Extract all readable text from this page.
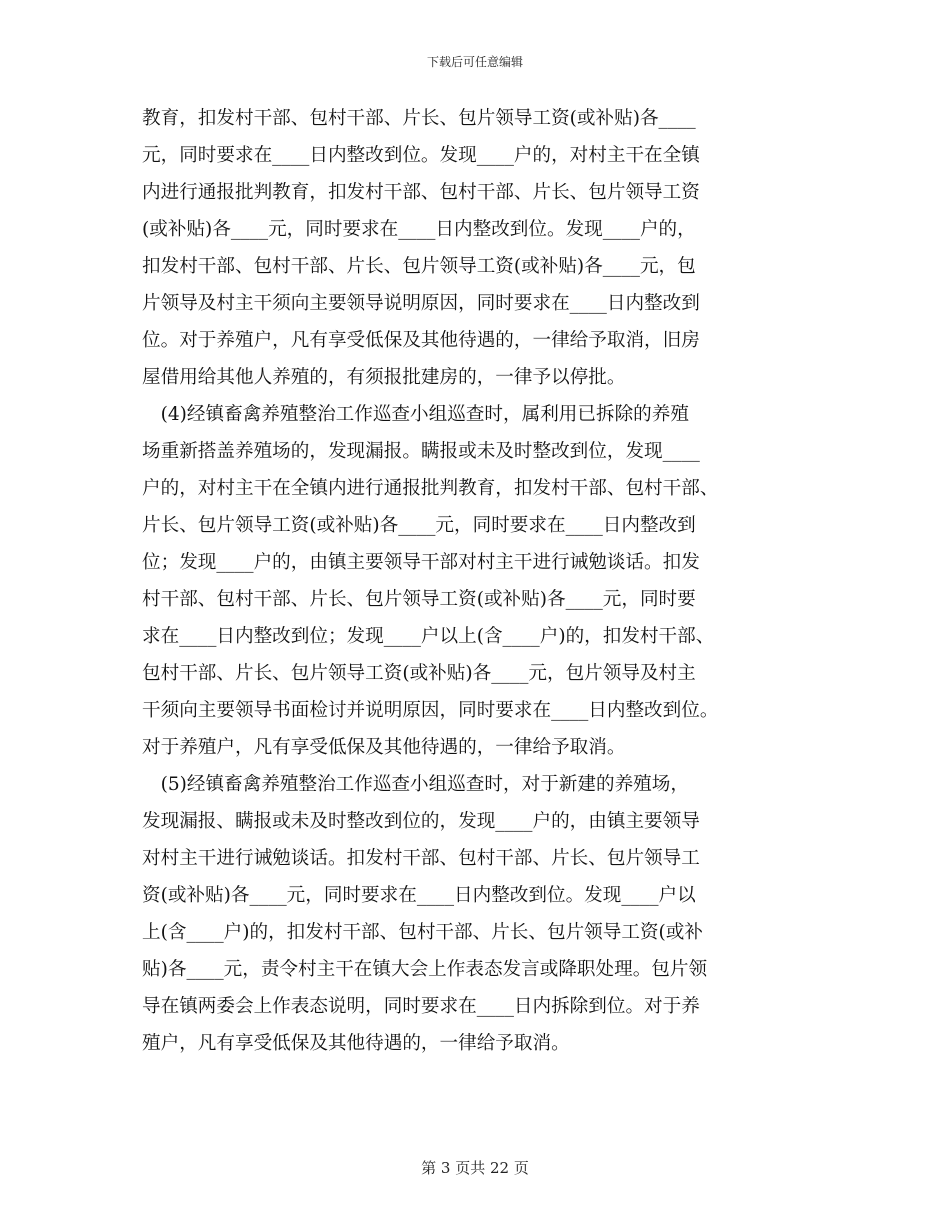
下载后可任意编辑

教育，扣发村干部、包村干部、片长、包片领导工资(或补贴)各____

元，同时要求在____日内整改到位。发现____户的，对村主干在全镇

内进行通报批判教育，扣发村干部、包村干部、片长、包片领导工资

(或补贴)各____元，同时要求在____日内整改到位。发现____户的，

扣发村干部、包村干部、片长、包片领导工资(或补贴)各____元，包

片领导及村主干须向主要领导说明原因，同时要求在____日内整改到

位。对于养殖户，凡有享受低保及其他待遇的，一律给予取消，旧房

屋借用给其他人养殖的，有须报批建房的，一律予以停批。

　(4)经镇畜禽养殖整治工作巡查小组巡查时，属利用已拆除的养殖

场重新搭盖养殖场的，发现漏报。瞒报或未及时整改到位，发现____

户的，对村主干在全镇内进行通报批判教育，扣发村干部、包村干部、

片长、包片领导工资(或补贴)各____元，同时要求在____日内整改到

位；发现____户的，由镇主要领导干部对村主干进行诫勉谈话。扣发

村干部、包村干部、片长、包片领导工资(或补贴)各____元，同时要

求在____日内整改到位；发现____户以上(含____户)的，扣发村干部、

包村干部、片长、包片领导工资(或补贴)各____元，包片领导及村主

干须向主要领导书面检讨并说明原因，同时要求在____日内整改到位。

对于养殖户，凡有享受低保及其他待遇的，一律给予取消。

　(5)经镇畜禽养殖整治工作巡查小组巡查时，对于新建的养殖场，

发现漏报、瞒报或未及时整改到位的，发现____户的，由镇主要领导

对村主干进行诫勉谈话。扣发村干部、包村干部、片长、包片领导工

资(或补贴)各____元，同时要求在____日内整改到位。发现____户以

上(含____户)的，扣发村干部、包村干部、片长、包片领导工资(或补

贴)各____元，责令村主干在镇大会上作表态发言或降职处理。包片领

导在镇两委会上作表态说明，同时要求在____日内拆除到位。对于养

殖户，凡有享受低保及其他待遇的，一律给予取消。

第 3 页共 22 页
